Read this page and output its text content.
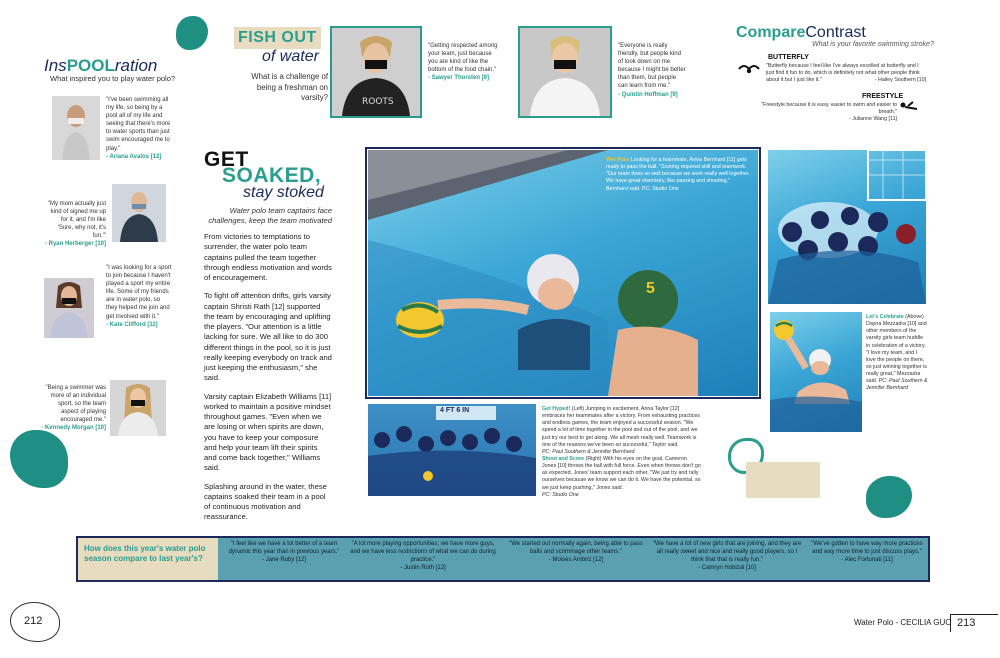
InsPOOLration
What inspired you to play water polo?
"I've been swimming all my life, so being by a pool all of my life and seeing that there's more to water sports than just swim encouraged me to play."
- Ariana Avalos [12]
"My mom actually just kind of signed me up for it, and I'm like 'Sure, why not, it's fun.'"
- Ryan Herberger [10]
"I was looking for a sport to join because I haven't played a sport my entire life. Some of my friends are in water polo, so they helped me join and get involved with it."
- Kate Clifford [11]
"Being a swimmer was more of an individual sport, so the team aspect of playing encouraged me."
- Kennedy Morgan [10]
FISH OUT
of water
What is a challenge of being a freshman on varsity?	ROOTS
"Getting respected among your team, just because you are kind of like the bottom of the food chain."
- Sawyer Thorsten [9]
GET
SOAKED,
stay stoked
Water polo team captains face challenges, keep the team motivated

From victories to temptations to surrender, the water polo team captains pulled the team together through endless motivation and words of encouragement.

To fight off attention drifts, girls varsity captain Shristi Rath [12] supported the team by encouraging and uplifting the players. "Our attention is a little lacking for sure. We all like to do 300 different things in the pool, so it is just really keeping everybody on track and just keeping the enthusiasm," she said.

Varsity captain Elizabeth Williams [11] worked to maintain a positive mindset throughout games. "Even when we are losing or when spirits are down, you have to keep your composure and help your team lift their spirits and come back together," Williams said.

Splashing around in the water, these captains soaked their team in a pool of continuous motivation and reassurance.

212
"Everyone is really friendly, but people kind of look down on me because I might be better than them, but people can learn from me."
- Quintin Hoffman [9]
CompareContrast
What is your favorite swimming stroke?
BUTTERFLY
"Butterfly because I feel like I've always excelled at butterfly and I just find it fun to do, which is definitely not what other people think about it but I just like it."	- Hailey Southern [10]
FREESTYLE
"Freestyle because it is easy, easier to swim and easier to breath."
- Julianne Wang [11]
5
Wet Pass Looking for a teammate, Aviva Bernhard [11] gets ready to pass the ball. "Scoring required skill and teamwork. "Our team does so well because we work really well together. We have great chemistry, like passing and shooting," Bernhard said. PC: Studio One
Let's Celebrate (Above) Dayna Mezzadra [10] and other members of the varsity girls team huddle in celebration of a victory. "I love my team, and I love the people on there, so just winning together is really great," Mezzadra said. PC: Paul Southern & Jennifer Bernhard
4 FT 6 IN	Get Hyped! (Left) Jumping in excitement, Anna Taylor [12] embraces her teammates after a victory. From exhausting practices and endless games, the team enjoyed a successful season. "We spend a lot of time together in the pool and out of the pool, and we just try our best to get along. We all mesh really well. Teamwork is one of the reasons we've been so successful," Taylor said.
PC: Paul Southern & Jennifer Bernhard
Shoot and Score (Right) With his eyes on the goal, Cameron Jones [10] throws the ball with full force. Even when throws don't go as expected, Jones' team support each other. "We just try and rally ourselves because we know we can do it. We have the potential, so we just keep pushing," Jones said.
PC: Studio One
How does this year's water polo season compare to last year's?
"I feel like we have a lot better of a team dynamic this year than in previous years."
- Jane Ruby [12]
"A lot more playing opportunities; we have more guys, and we have less restrictions of what we can do during practice."
- Justin Roth [12]
"We started out normally again, being able to pass balls and scrimmage other teams."
- Moises Ambriz [12]
"We have a lot of new girls that are joining, and they are all really sweet and nice and really good players, so I think that that is really fun."
- Camryn Hobizal [10]
"We've gotten to have way more practices and way more time to just discuss plays."
- Alec Fortunati [11]
Water Polo - CECILIA GUO 213
